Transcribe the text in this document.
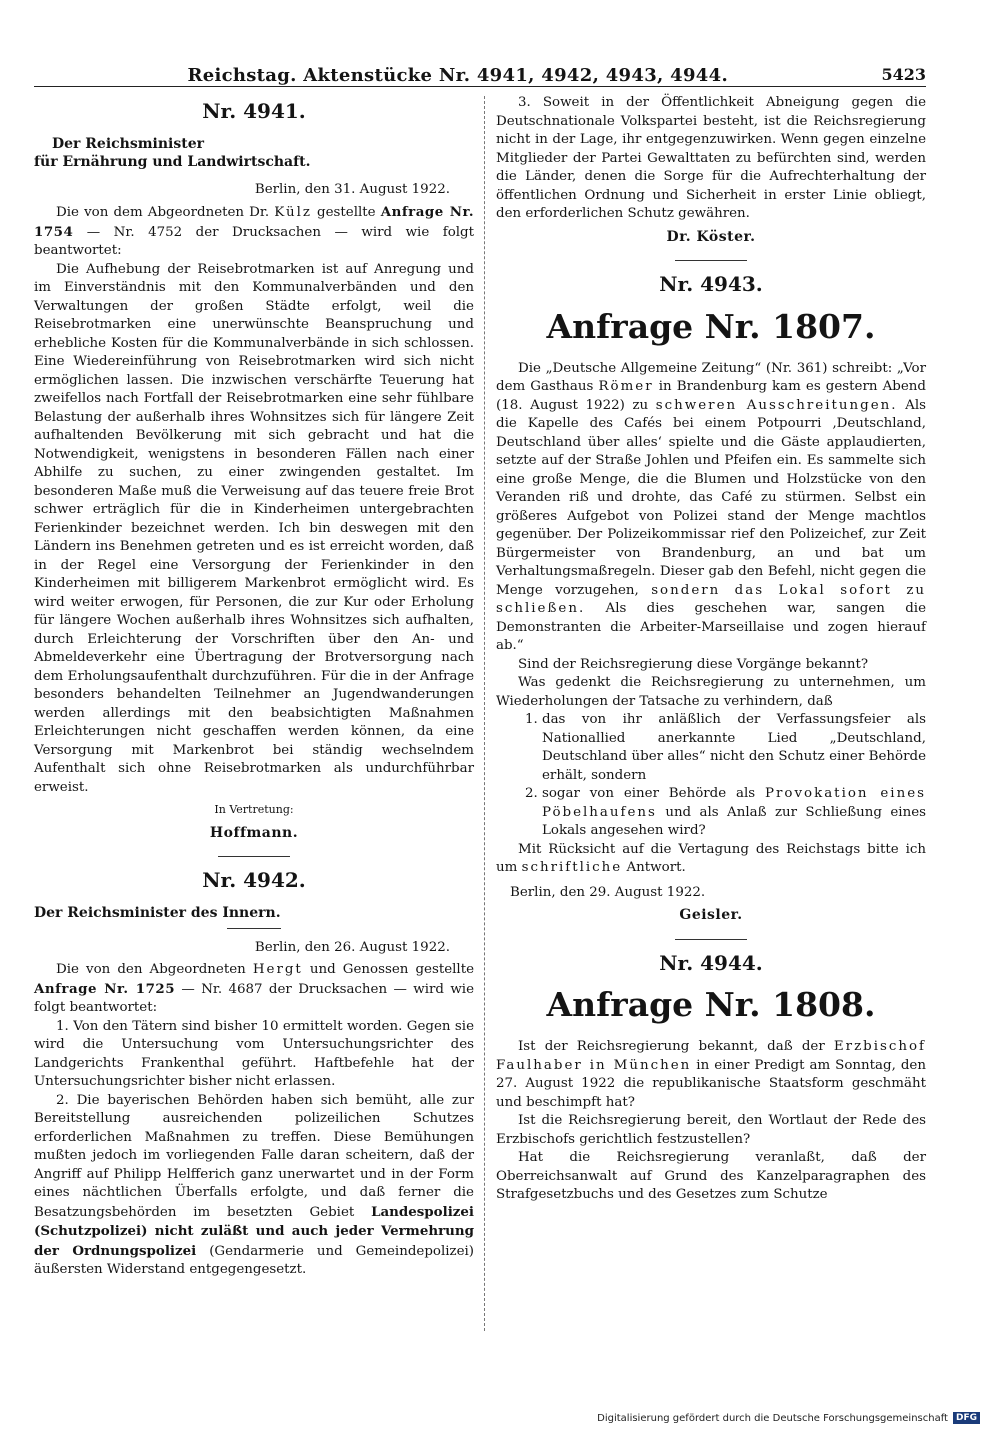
Reichstag. Aktenstücke Nr. 4941, 4942, 4943, 4944.	5423
Nr. 4941.
Der Reichsminister
für Ernährung und Landwirtschaft.
Berlin, den 31. August 1922.

Die von dem Abgeordneten Dr. Külz gestellte Anfrage Nr. 1754 — Nr. 4752 der Drucksachen — wird wie folgt beantwortet:

Die Aufhebung der Reisebrotmarken ist auf Anregung und im Einverständnis mit den Kommunalverbänden und den Verwaltungen der großen Städte erfolgt, weil die Reisebrotmarken eine unerwünschte Beanspruchung und erhebliche Kosten für die Kommunalverbände in sich schlossen. Eine Wiedereinführung von Reisebrotmarken wird sich nicht ermöglichen lassen. Die inzwischen verschärfte Teuerung hat zweifellos nach Fortfall der Reisebrotmarken eine sehr fühlbare Belastung der außerhalb ihres Wohnsitzes sich für längere Zeit aufhaltenden Bevölkerung mit sich gebracht und hat die Notwendigkeit, wenigstens in besonderen Fällen nach einer Abhilfe zu suchen, zu einer zwingenden gestaltet. Im besonderen Maße muß die Verweisung auf das teuere freie Brot schwer erträglich für die in Kinderheimen untergebrachten Ferienkinder bezeichnet werden. Ich bin deswegen mit den Ländern ins Benehmen getreten und es ist erreicht worden, daß in der Regel eine Versorgung der Ferienkinder in den Kinderheimen mit billigerem Markenbrot ermöglicht wird. Es wird weiter erwogen, für Personen, die zur Kur oder Erholung für längere Wochen außerhalb ihres Wohnsitzes sich aufhalten, durch Erleichterung der Vorschriften über den An- und Abmeldeverkehr eine Übertragung der Brotversorgung nach dem Erholungsaufenthalt durchzuführen. Für die in der Anfrage besonders behandelten Teilnehmer an Jugendwanderungen werden allerdings mit den beabsichtigten Maßnahmen Erleichterungen nicht geschaffen werden können, da eine Versorgung mit Markenbrot bei ständig wechselndem Aufenthalt sich ohne Reisebrotmarken als undurchführbar erweist.

In Vertretung:
Hoffmann.
Nr. 4942.
Der Reichsminister des Innern.
Berlin, den 26. August 1922.

Die von den Abgeordneten Hergt und Genossen gestellte Anfrage Nr. 1725 — Nr. 4687 der Drucksachen — wird wie folgt beantwortet:

1. Von den Tätern sind bisher 10 ermittelt worden. Gegen sie wird die Untersuchung vom Untersuchungsrichter des Landgerichts Frankenthal geführt. Haftbefehle hat der Untersuchungsrichter bisher nicht erlassen.

2. Die bayerischen Behörden haben sich bemüht, alle zur Bereitstellung ausreichenden polizeilichen Schutzes erforderlichen Maßnahmen zu treffen. Diese Bemühungen mußten jedoch im vorliegenden Falle daran scheitern, daß der Angriff auf Philipp Helfferich ganz unerwartet und in der Form eines nächtlichen Überfalls erfolgte, und daß ferner die Besatzungsbehörden im besetzten Gebiet Landespolizei (Schutzpolizei) nicht zuläßt und auch jeder Vermehrung der Ordnungspolizei (Gendarmerie und Gemeindepolizei) äußersten Widerstand entgegengesetzt.

3. Soweit in der Öffentlichkeit Abneigung gegen die Deutschnationale Volkspartei besteht, ist die Reichsregierung nicht in der Lage, ihr entgegenzuwirken. Wenn gegen einzelne Mitglieder der Partei Gewalttaten zu befürchten sind, werden die Länder, denen die Sorge für die Aufrechterhaltung der öffentlichen Ordnung und Sicherheit in erster Linie obliegt, den erforderlichen Schutz gewähren.

Dr. Köster.
Nr. 4943.
Anfrage Nr. 1807.

Die „Deutsche Allgemeine Zeitung“ (Nr. 361) schreibt: „Vor dem Gasthaus Römer in Brandenburg kam es gestern Abend (18. August 1922) zu schweren Ausschreitungen. Als die Kapelle des Cafés bei einem Potpourri ‚Deutschland, Deutschland über alles‘ spielte und die Gäste applaudierten, setzte auf der Straße Johlen und Pfeifen ein. Es sammelte sich eine große Menge, die die Blumen und Holzstücke von den Veranden riß und drohte, das Café zu stürmen. Selbst ein größeres Aufgebot von Polizei stand der Menge machtlos gegenüber. Der Polizeikommissar rief den Polizeichef, zur Zeit Bürgermeister von Brandenburg, an und bat um Verhaltungsmaßregeln. Dieser gab den Befehl, nicht gegen die Menge vorzugehen, sondern das Lokal sofort zu schließen. Als dies geschehen war, sangen die Demonstranten die Arbeiter-Marseillaise und zogen hierauf ab.“

Sind der Reichsregierung diese Vorgänge bekannt?

Was gedenkt die Reichsregierung zu unternehmen, um Wiederholungen der Tatsache zu verhindern, daß

1. das von ihr anläßlich der Verfassungsfeier als Nationallied anerkannte Lied „Deutschland, Deutschland über alles“ nicht den Schutz einer Behörde erhält, sondern
2. sogar von einer Behörde als Provokation eines Pöbelhaufens und als Anlaß zur Schließung eines Lokals angesehen wird?

Mit Rücksicht auf die Vertagung des Reichstags bitte ich um schriftliche Antwort.

Berlin, den 29. August 1922.
Geisler.
Nr. 4944.
Anfrage Nr. 1808.

Ist der Reichsregierung bekannt, daß der Erzbischof Faulhaber in München in einer Predigt am Sonntag, den 27. August 1922 die republikanische Staatsform geschmäht und beschimpft hat?

Ist die Reichsregierung bereit, den Wortlaut der Rede des Erzbischofs gerichtlich festzustellen?

Hat die Reichsregierung veranlaßt, daß der Oberreichsanwalt auf Grund des Kanzelparagraphen des Strafgesetzbuchs und des Gesetzes zum Schutze

Digitalisierung gefördert durch die Deutsche Forschungsgemeinschaft DFG
